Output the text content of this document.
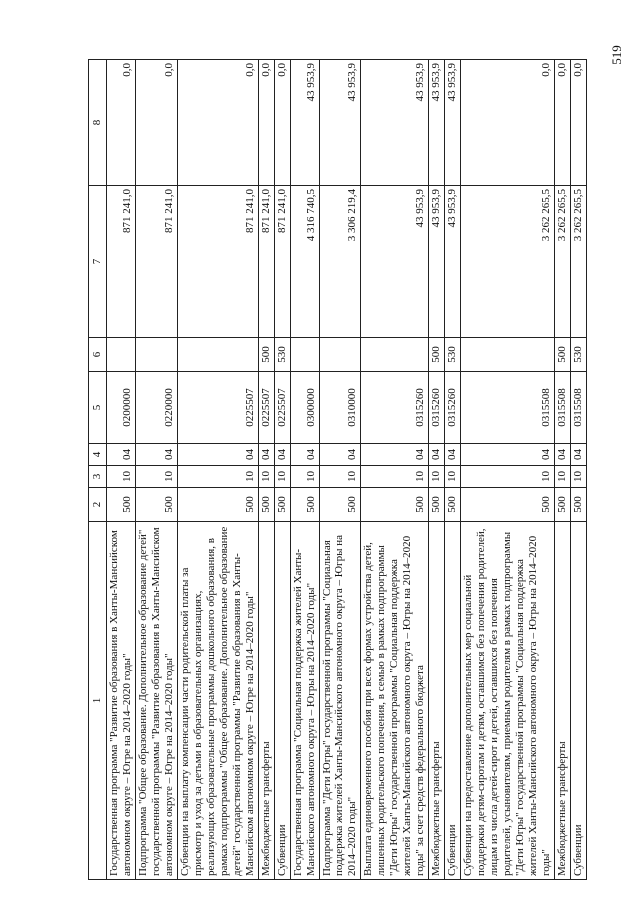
519
1	2	3	4	5	6	7	8
Государственная программа "Развитие образования в Ханты-Мансийском автономном округе – Югре на 2014–2020 годы"	500	10	04	0200000		871 241,0	0,0
Подпрограмма "Общее образование. Дополнительное образование детей" государственной программы "Развитие образования в Ханты-Мансийском автономном округе – Югре на 2014–2020 годы"	500	10	04	0220000		871 241,0	0,0
Субвенции на выплату компенсации части родительской платы за присмотр и уход за детьми в образовательных организациях, реализующих образовательные программы дошкольного образования, в рамках подпрограммы "Общее образование. Дополнительное образование детей" государственной программы "Развитие образования в Ханты-Мансийском автономном округе – Югре на 2014–2020 годы"	500	10	04	0225507		871 241,0	0,0
Межбюджетные трансферты	500	10	04	0225507	500	871 241,0	0,0
Субвенции	500	10	04	0225507	530	871 241,0	0,0
Государственная программа "Социальная поддержка жителей Ханты-Мансийского автономного округа – Югры на 2014–2020 годы"	500	10	04	0300000		4 316 740,5	43 953,9
Подпрограмма "Дети Югры" государственной программы "Социальная поддержка жителей Ханты-Мансийского автономного округа – Югры на 2014–2020 годы"	500	10	04	0310000		3 306 219,4	43 953,9
Выплата единовременного пособия при всех формах устройства детей, лишенных родительского попечения, в семью в рамках подпрограммы "Дети Югры" государственной программы "Социальная поддержка жителей Ханты-Мансийского автономного округа – Югры на 2014–2020 годы" за счет средств федерального бюджета	500	10	04	0315260		43 953,9	43 953,9
Межбюджетные трансферты	500	10	04	0315260	500	43 953,9	43 953,9
Субвенции	500	10	04	0315260	530	43 953,9	43 953,9
Субвенции на предоставление дополнительных мер социальной поддержки детям-сиротам и детям, оставшимся без попечения родителей, лицам из числа детей-сирот и детей, оставшихся без попечения родителей, усыновителям, приемным родителям в рамках подпрограммы "Дети Югры" государственной программы "Социальная поддержка жителей Ханты-Мансийского автономного округа – Югры на 2014–2020 годы"	500	10	04	0315508		3 262 265,5	0,0
Межбюджетные трансферты	500	10	04	0315508	500	3 262 265,5	0,0
Субвенции	500	10	04	0315508	530	3 262 265,5	0,0
